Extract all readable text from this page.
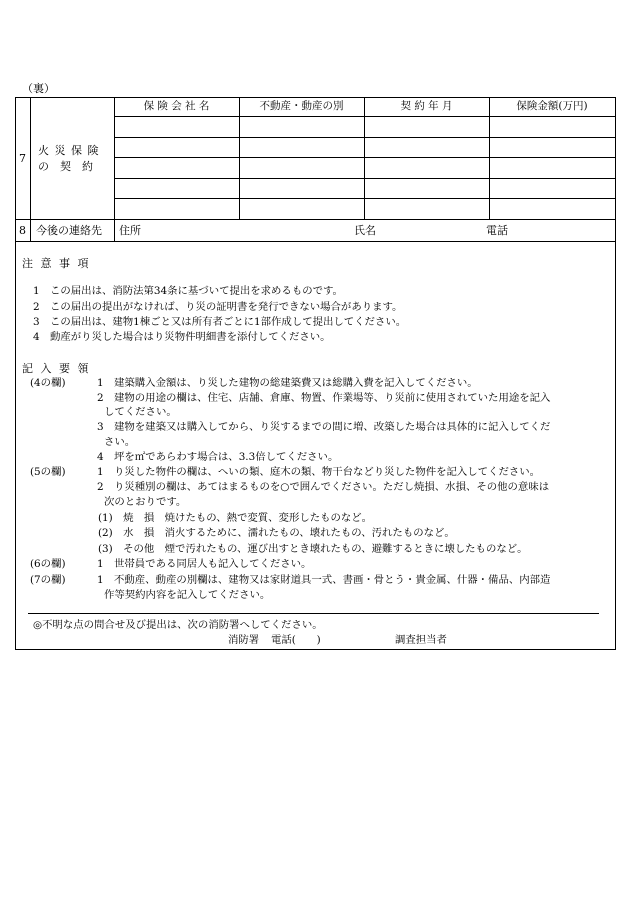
（裏）
7
火 災 保 険
の　契　約
保 険 会 社 名	不動産・動産の別	契 約 年 月	保険金額(万円)
8 今後の連絡先 住所	氏名	電話
注 意 事 項
1　この届出は、消防法第34条に基づいて提出を求めるものです。
2　この届出の提出がなければ、り災の証明書を発行できない場合があります。
3　この届出は、建物1棟ごと又は所有者ごとに1部作成して提出してください。
4　動産がり災した場合はり災物件明細書を添付してください。
記 入 要 領
(4の欄)	1　建築購入金額は、り災した建物の総建築費又は総購入費を記入してください。
2　建物の用途の欄は、住宅、店舗、倉庫、物置、作業場等、り災前に使用されていた用途を記入
してください。
3　建物を建築又は購入してから、り災するまでの間に増、改築した場合は具体的に記入してくだ
さい。
4　坪を㎡であらわす場合は、3.3倍してください。
(5の欄)	1　り災した物件の欄は、へいの類、庭木の類、物干台などり災した物件を記入してください。
2　り災種別の欄は、あてはまるものを○で囲んでください。ただし焼損、水損、その他の意味は
次のとおりです。
(1)　焼　損　焼けたもの、熱で変質、変形したものなど。
(2)　水　損　消火するために、濡れたもの、壊れたもの、汚れたものなど。
(3)　その他　煙で汚れたもの、運び出すとき壊れたもの、避難するときに壊したものなど。
(6の欄)	1　世帯員である同居人も記入してください。
(7の欄)	1　不動産、動産の別欄は、建物又は家財道具一式、書画・骨とう・貴金属、什器・備品、内部造
作等契約内容を記入してください。
◎不明な点の問合せ及び提出は、次の消防署へしてください。
消防署 電話(　　)	調査担当者
